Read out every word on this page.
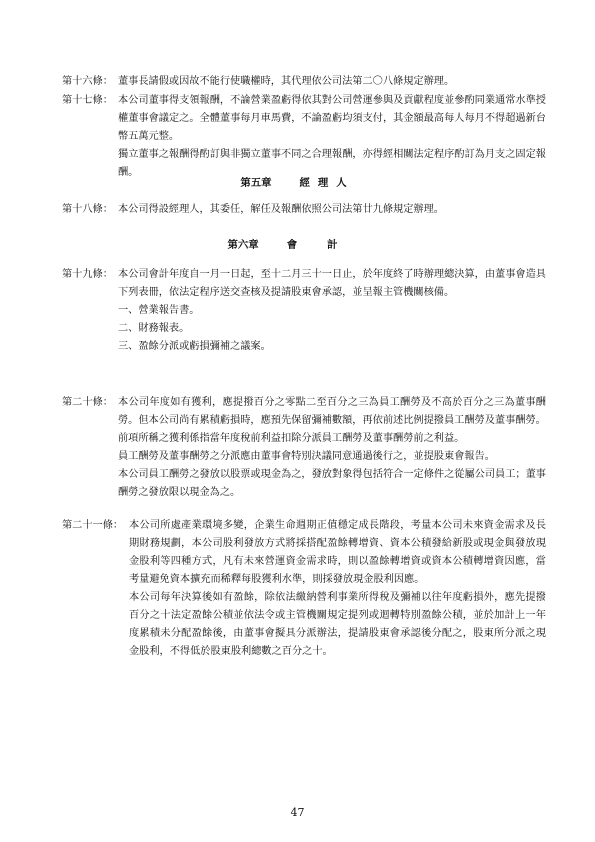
第十六條： 董事長請假或因故不能行使職權時，其代理依公司法第二〇八條規定辦理。

第十七條： 本公司董事得支領報酬，不論營業盈虧得依其對公司營運參與及貢獻程度並參酌同業通常水準授權董事會議定之。全體董事每月車馬費，不論盈虧均須支付，其金額最高每人每月不得超過新台幣五萬元整。

獨立董事之報酬得酌訂與非獨立董事不同之合理報酬，亦得經相關法定程序酌訂為月支之固定報酬。

第五章	經理人
第十八條： 本公司得設經理人，其委任，解任及報酬依照公司法第廿九條規定辦理。

第六章	會計
第十九條： 本公司會計年度自一月一日起，至十二月三十一日止，於年度終了時辦理總決算，由董事會造具下列表冊，依法定程序送交查核及提請股東會承認，並呈報主管機關核備。

一、營業報告書。

二、財務報表。

三、盈餘分派或虧損彌補之議案。

第二十條： 本公司年度如有獲利，應提撥百分之零點二至百分之三為員工酬勞及不高於百分之三為董事酬勞。但本公司尚有累積虧損時，應預先保留彌補數額，再依前述比例提撥員工酬勞及董事酬勞。

前項所稱之獲利係指當年度稅前利益扣除分派員工酬勞及董事酬勞前之利益。

員工酬勞及董事酬勞之分派應由董事會特別決議同意通過後行之，並提股東會報告。

本公司員工酬勞之發放以股票或現金為之，發放對象得包括符合一定條件之從屬公司員工；董事酬勞之發放限以現金為之。

第二十一條： 本公司所處產業環境多變，企業生命週期正值穩定成長階段，考量本公司未來資金需求及長期財務規劃，本公司股利發放方式將採搭配盈餘轉增資、資本公積發給新股或現金與發放現金股利等四種方式，凡有未來營運資金需求時，則以盈餘轉增資或資本公積轉增資因應，當考量避免資本擴充而稀釋每股獲利水準，則採發放現金股利因應。

本公司每年決算後如有盈餘，除依法繳納營利事業所得稅及彌補以往年度虧損外，應先提撥百分之十法定盈餘公積並依法令或主管機關規定提列或迴轉特別盈餘公積，並於加計上一年度累積未分配盈餘後，由董事會擬具分派辦法，提請股東會承認後分配之，股東所分派之現金股利，不得低於股東股利總數之百分之十。

47
